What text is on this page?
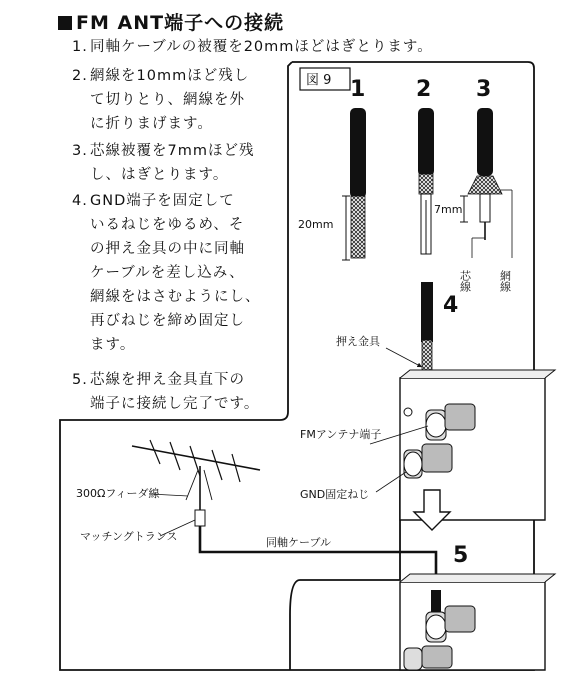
FM ANT端子への接続
1. 同軸ケーブルの被覆を20mmほどはぎとります。
2. 網線を10mmほど残し
て切りとり、網線を外
に折りまげます。
3. 芯線被覆を7mmほど残
し、はぎとります。
4. GND端子を固定して
いるねじをゆるめ、そ
の押え金具の中に同軸
ケーブルを差し込み、
網線をはさむようにし、
再びねじを締め固定し
ます。
5. 芯線を押え金具直下の
端子に接続し完了です。
図 9 1 2 3
4
5
20mm
7mm
芯線 網線
押え金具
FMアンテナ端子
GND固定ねじ
300Ωフィーダ線
マッチングトランス	同軸ケーブル
